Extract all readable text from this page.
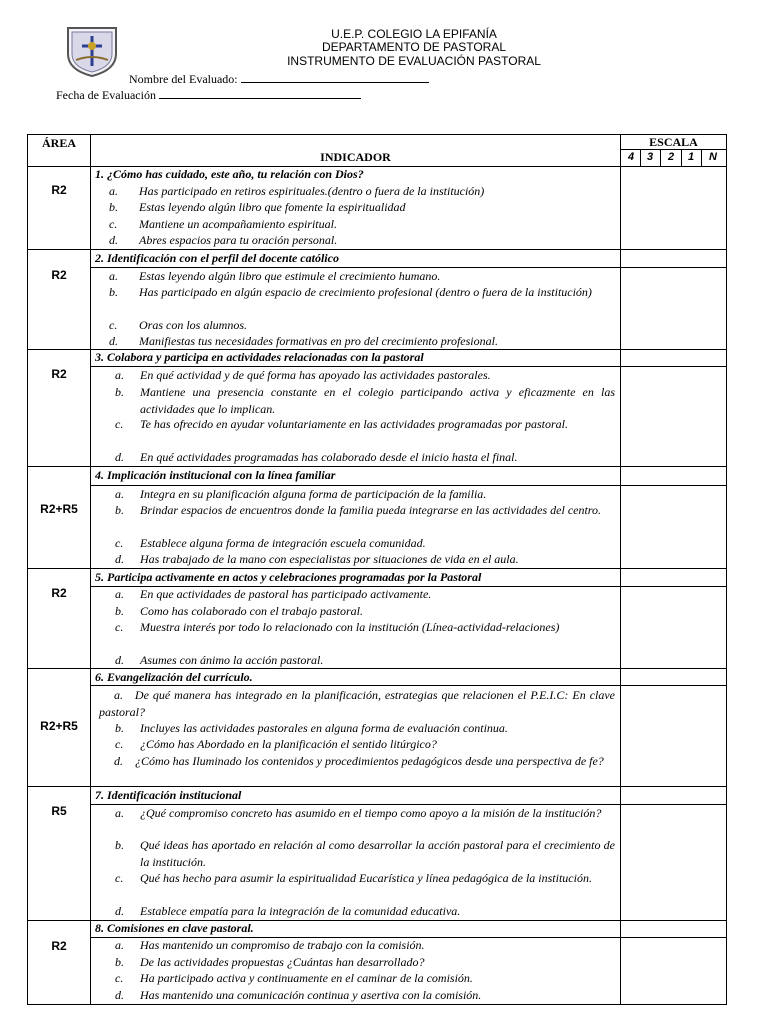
U.E.P. COLEGIO LA EPIFANÍA
DEPARTAMENTO DE PASTORAL
INSTRUMENTO DE EVALUACIÓN PASTORAL
Nombre del Evaluado:
Fecha de Evaluación
ÁREA
INDICADOR
ESCALA
4	3	2	1	N
R2
1. ¿Cómo has cuidado, este año, tu relación con Dios?
a. Has participado en retiros espirituales.(dentro o fuera de la institución)
b. Estas leyendo algún libro que fomente la espiritualidad
c. Mantiene un acompañamiento espiritual.
d. Abres espacios para tu oración personal.
R2
2. Identificación con el perfil del docente católico
a. Estas leyendo algún libro que estimule el crecimiento humano.
b. Has participado en algún espacio de crecimiento profesional (dentro o fuera de la institución)
c. Oras con los alumnos.
d. Manifiestas tus necesidades formativas en pro del crecimiento profesional.
R2
3. Colabora y participa en actividades relacionadas con la pastoral
a. En qué actividad y de qué forma has apoyado las actividades pastorales.
b. Mantiene una presencia constante en el colegio participando activa y eficazmente en las actividades que lo implican.
c. Te has ofrecido en ayudar voluntariamente en las actividades programadas por pastoral.
d. En qué actividades programadas has colaborado desde el inicio hasta el final.
R2+R5
4. Implicación institucional con la línea familiar
a. Integra en su planificación alguna forma de participación de la familia.
b. Brindar espacios de encuentros donde la familia pueda integrarse en las actividades del centro.
c. Establece alguna forma de integración escuela comunidad.
d. Has trabajado de la mano con especialistas por situaciones de vida en el aula.
R2
5. Participa activamente en actos y celebraciones programadas por la Pastoral
a. En que actividades de pastoral has participado activamente.
b. Como has colaborado con el trabajo pastoral.
c. Muestra interés por todo lo relacionado con la institución (Línea-actividad-relaciones)
d. Asumes con ánimo la acción pastoral.
R2+R5
6. Evangelización del currículo.
a. De qué manera has integrado en la planificación, estrategias que relacionen el P.E.I.C: En clave pastoral?
b. Incluyes las actividades pastorales en alguna forma de evaluación continua.
c. ¿Cómo has Abordado en la planificación el sentido litúrgico?
d. ¿Cómo has Iluminado los contenidos y procedimientos pedagógicos desde una perspectiva de fe?
R5
7. Identificación institucional
a. ¿Qué compromiso concreto has asumido en el tiempo como apoyo a la misión de la institución?
b. Qué ideas has aportado en relación al como desarrollar la acción pastoral para el crecimiento de la institución.
c. Qué has hecho para asumir la espiritualidad Eucarística y línea pedagógica de la institución.
d. Establece empatía para la integración de la comunidad educativa.
R2
8. Comisiones en clave pastoral.
a. Has mantenido un compromiso de trabajo con la comisión.
b. De las actividades propuestas ¿Cuántas han desarrollado?
c. Ha participado activa y continuamente en el caminar de la comisión.
d. Has mantenido una comunicación continua y asertiva con la comisión.
